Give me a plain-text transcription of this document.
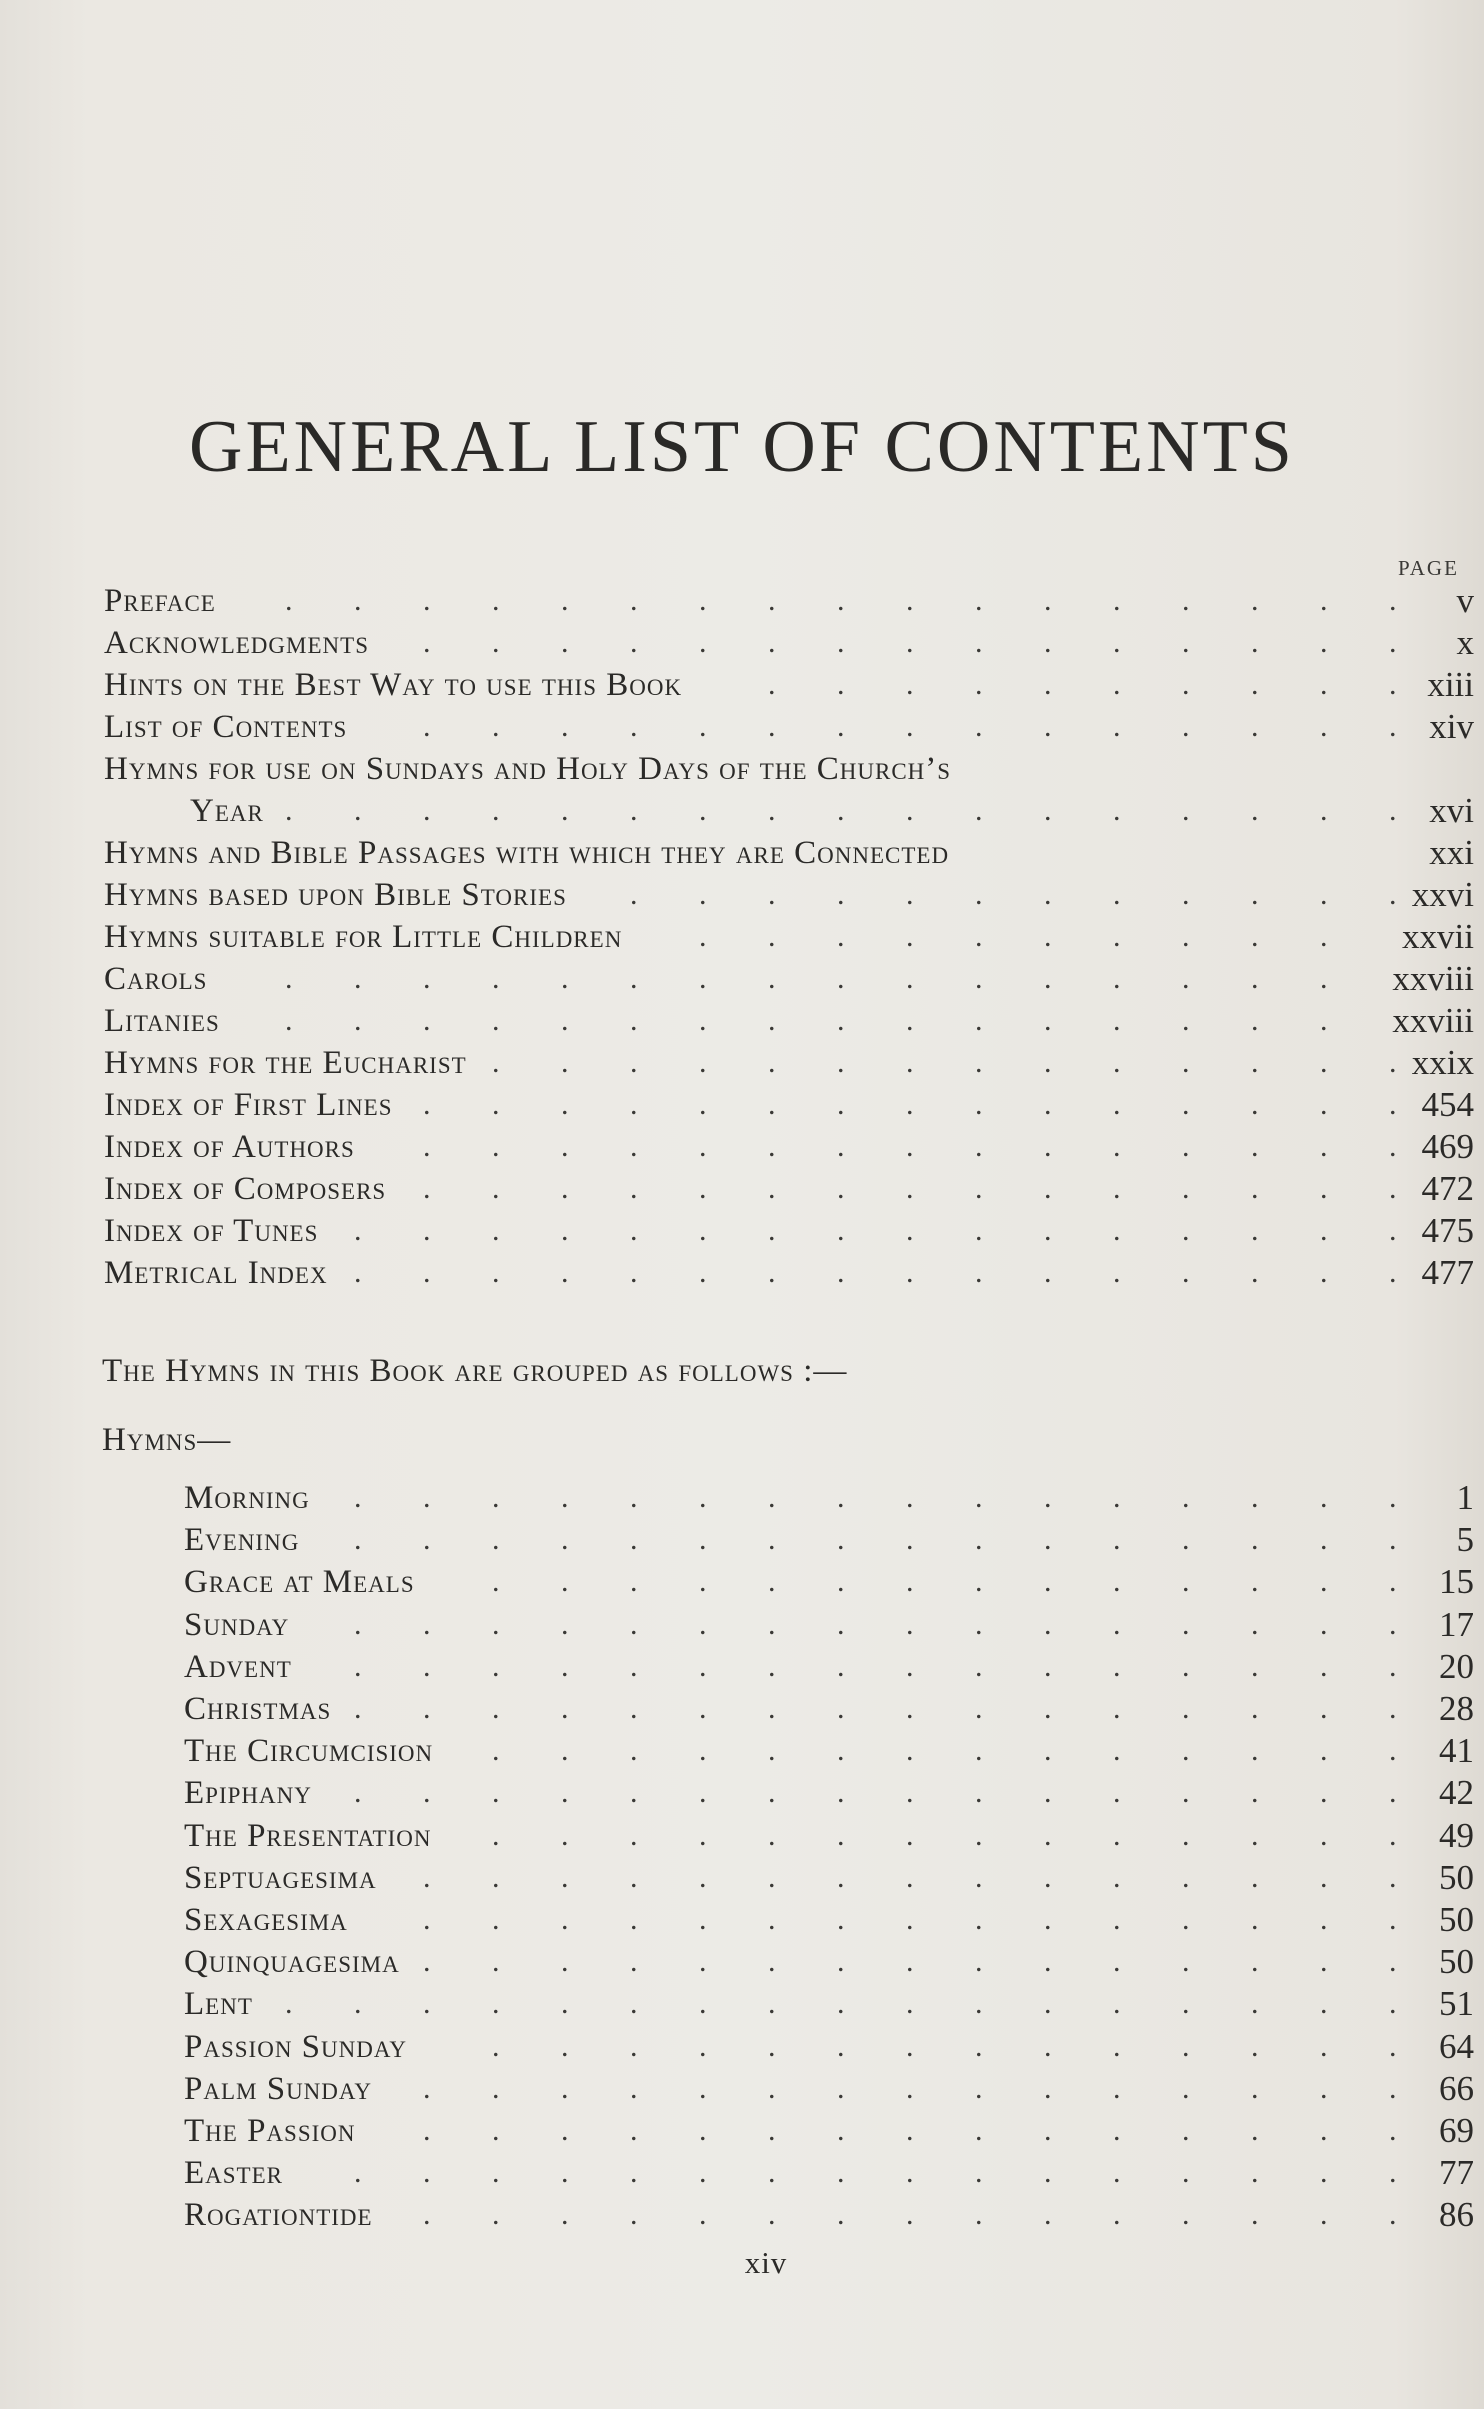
GENERAL LIST OF CONTENTS
PAGE
Preface . . . . . . . . . . . . . . . . . v
Acknowledgments . . . . . . . . . . . . . . . x
Hints on the Best Way to use this Book	. . . . . . . . . . xiii
List of Contents	. . . . . . . . . . . . . . . xiv
Hymns for use on Sundays and Holy Days of the Church’s
Year . . . . . . . . . . . . . . . . . xvi
Hymns and Bible Passages with which they are Connected	xxi
Hymns based upon Bible Stories . . . . . . . . . . . . xxvi
Hymns suitable for Little Children	. . . . . . . . . . xxvii
Carols	. . . . . . . . . . . . . . . . xxviii
Litanies . . . . . . . . . . . . . . . . xxviii
Hymns for the Eucharist . . . . . . . . . . . . . . xxix
Index of First Lines . . . . . . . . . . . . . . . 454
Index of Authors . . . . . . . . . . . . . . . 469
Index of Composers . . . . . . . . . . . . . . . 472
Index of Tunes . . . . . . . . . . . . . . . . 475
Metrical Index . . . . . . . . . . . . . . . . 477
The Hymns in this Book are grouped as follows :—
Hymns—
Morning . . . . . . . . . . . . . . . . 1
Evening . . . . . . . . . . . . . . . . 5
Grace at Meals	. . . . . . . . . . . . . . 15
Sunday . . . . . . . . . . . . . . . . 17
Advent . . . . . . . . . . . . . . . . 20
Christmas . . . . . . . . . . . . . . . . 28
The Circumcision . . . . . . . . . . . . . . 41
Epiphany . . . . . . . . . . . . . . . . 42
The Presentation . . . . . . . . . . . . . . 49
Septuagesima . . . . . . . . . . . . . . . 50
Sexagesima	. . . . . . . . . . . . . . . 50
Quinquagesima . . . . . . . . . . . . . . . 50
Lent . . . . . . . . . . . . . . . . . 51
Passion Sunday	. . . . . . . . . . . . . . 64
Palm Sunday . . . . . . . . . . . . . . . 66
The Passion . . . . . . . . . . . . . . . 69
Easter . . . . . . . . . . . . . . . . 77
Rogationtide . . . . . . . . . . . . . . . 86
xiv
